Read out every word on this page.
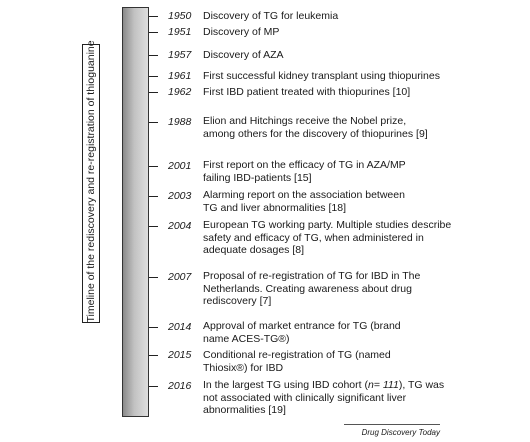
Timeline of the rediscovery and re-registration of thioguanine
1950 Discovery of TG for leukemia
1951 Discovery of MP
1957 Discovery of AZA
1961 First successful kidney transplant using thiopurines
1962 First IBD patient treated with thiopurines [10]
1988 Elion and Hitchings receive the Nobel prize,
among others for the discovery of thiopurines [9]
2001 First report on the efficacy of TG in AZA/MP
failing IBD-patients [15]
2003 Alarming report on the association between
TG and liver abnormalities [18]
2004 European TG working party. Multiple studies describe
safety and efficacy of TG, when administered in
adequate dosages [8]
2007 Proposal of re-registration of TG for IBD in The
Netherlands. Creating awareness about drug
rediscovery [7]
2014 Approval of market entrance for TG (brand
name ACES-TG®)
2015 Conditional re-registration of TG (named
Thiosix®) for IBD
2016 In the largest TG using IBD cohort (n= 111), TG was
not associated with clinically significant liver
abnormalities [19]
Drug Discovery Today
